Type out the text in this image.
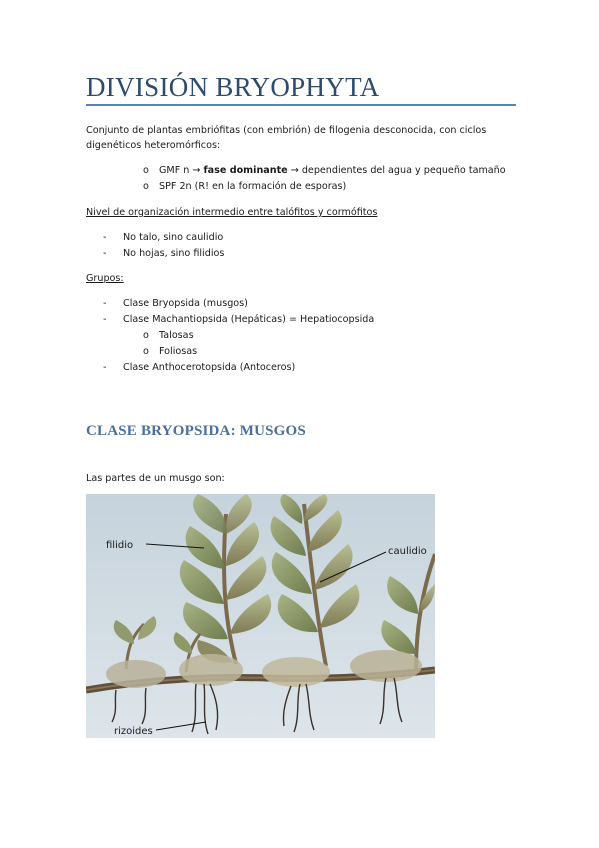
DIVISIÓN BRYOPHYTA

Conjunto de plantas embriófitas (con embrión) de filogenia desconocida, con ciclos digenéticos heteromórficos:

o GMF n → fase dominante → dependientes del agua y pequeño tamaño
o SPF 2n (R! en la formación de esporas)

Nivel de organización intermedio entre talófitos y cormófitos

- No talo, sino caulidio
- No hojas, sino filidios

Grupos:

- Clase Bryopsida (musgos)
- Clase Machantiopsida (Hepáticas) = Hepatiocopsida
o Talosas
o Foliosas
- Clase Anthocerotopsida (Antoceros)
CLASE BRYOPSIDA: MUSGOS

Las partes de un musgo son:

filidio
caulidio
rizoides
